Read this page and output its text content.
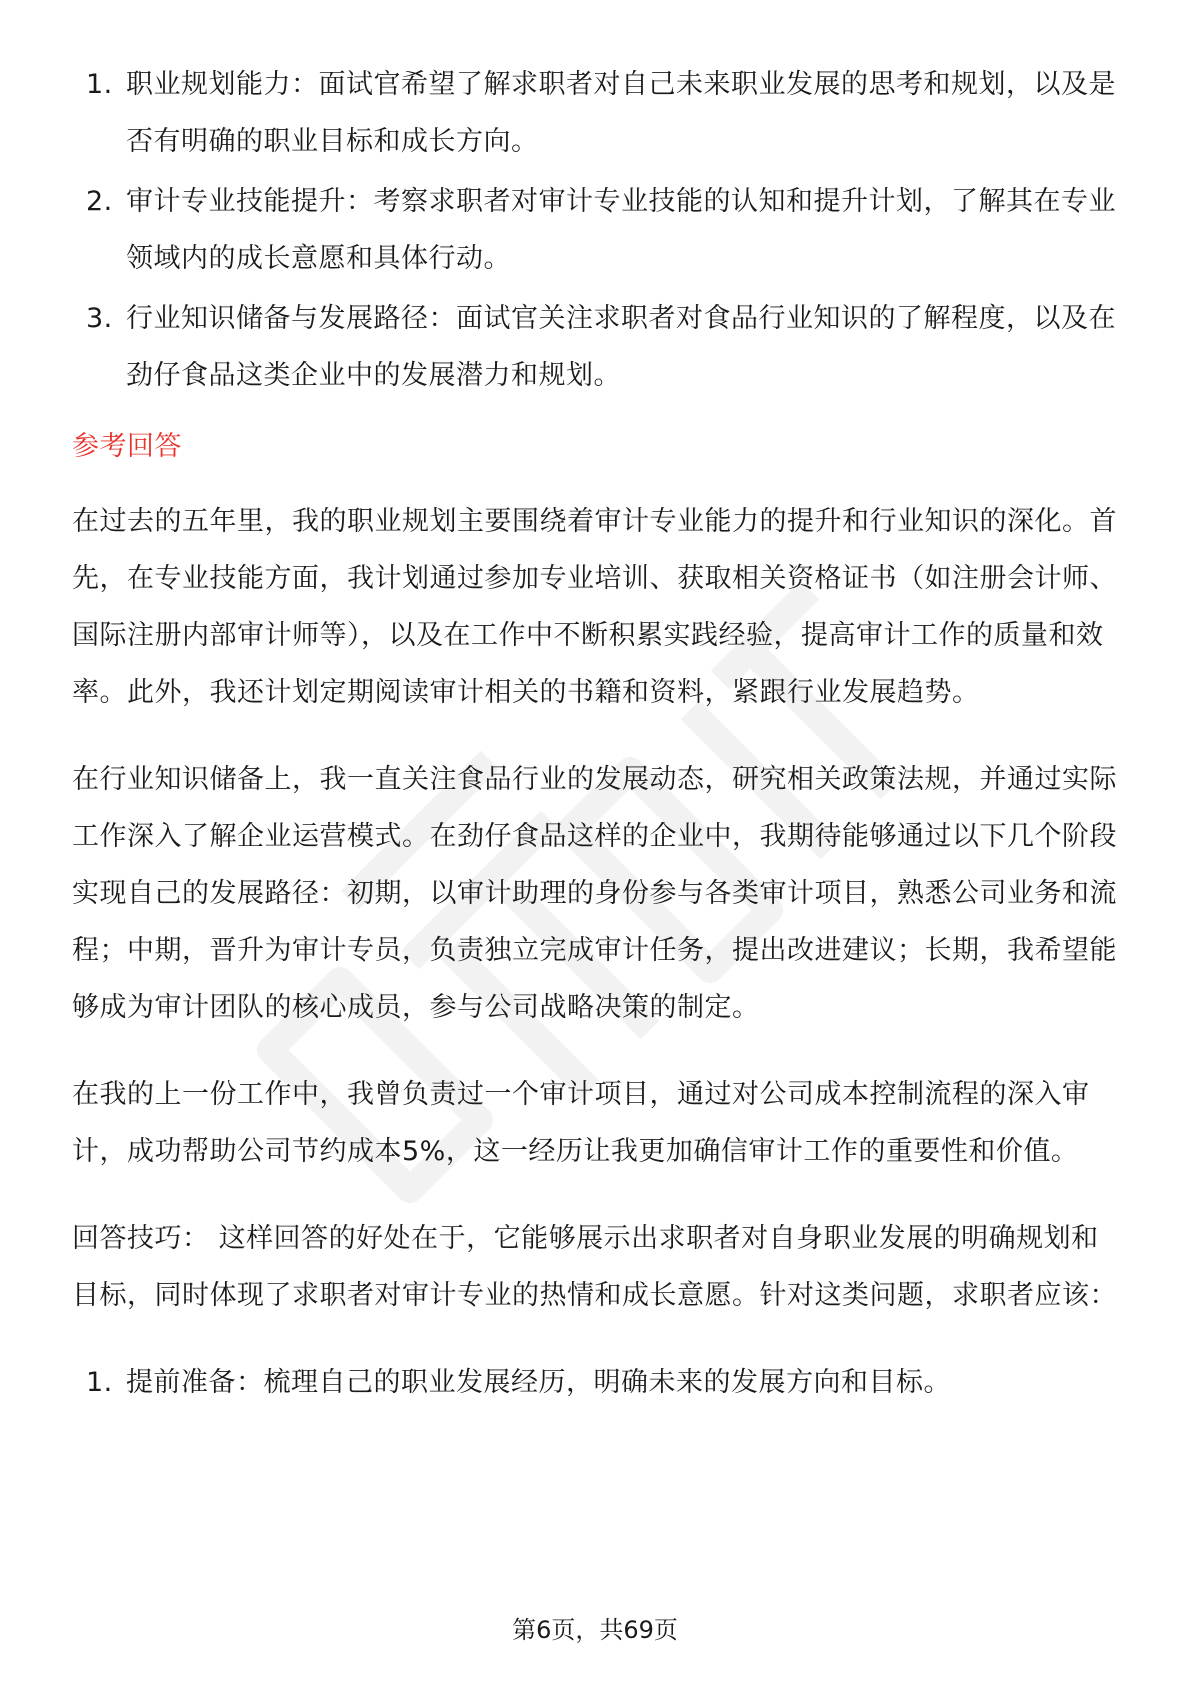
1. 职业规划能力：面试官希望了解求职者对自己未来职业发展的思考和规划，以及是否有明确的职业目标和成长方向。
2. 审计专业技能提升：考察求职者对审计专业技能的认知和提升计划，了解其在专业领域内的成长意愿和具体行动。
3. 行业知识储备与发展路径：面试官关注求职者对食品行业知识的了解程度，以及在劲仔食品这类企业中的发展潜力和规划。
参考回答

在过去的五年里，我的职业规划主要围绕着审计专业能力的提升和行业知识的深化。首先，在专业技能方面，我计划通过参加专业培训、获取相关资格证书（如注册会计师、国际注册内部审计师等），以及在工作中不断积累实践经验，提高审计工作的质量和效率。此外，我还计划定期阅读审计相关的书籍和资料，紧跟行业发展趋势。

在行业知识储备上，我一直关注食品行业的发展动态，研究相关政策法规，并通过实际工作深入了解企业运营模式。在劲仔食品这样的企业中，我期待能够通过以下几个阶段实现自己的发展路径：初期，以审计助理的身份参与各类审计项目，熟悉公司业务和流程；中期，晋升为审计专员，负责独立完成审计任务，提出改进建议；长期，我希望能够成为审计团队的核心成员，参与公司战略决策的制定。

在我的上一份工作中，我曾负责过一个审计项目，通过对公司成本控制流程的深入审计，成功帮助公司节约成本5%，这一经历让我更加确信审计工作的重要性和价值。

回答技巧： 这样回答的好处在于，它能够展示出求职者对自身职业发展的明确规划和目标，同时体现了求职者对审计专业的热情和成长意愿。针对这类问题，求职者应该：

1. 提前准备：梳理自己的职业发展经历，明确未来的发展方向和目标。
第6页，共69页
